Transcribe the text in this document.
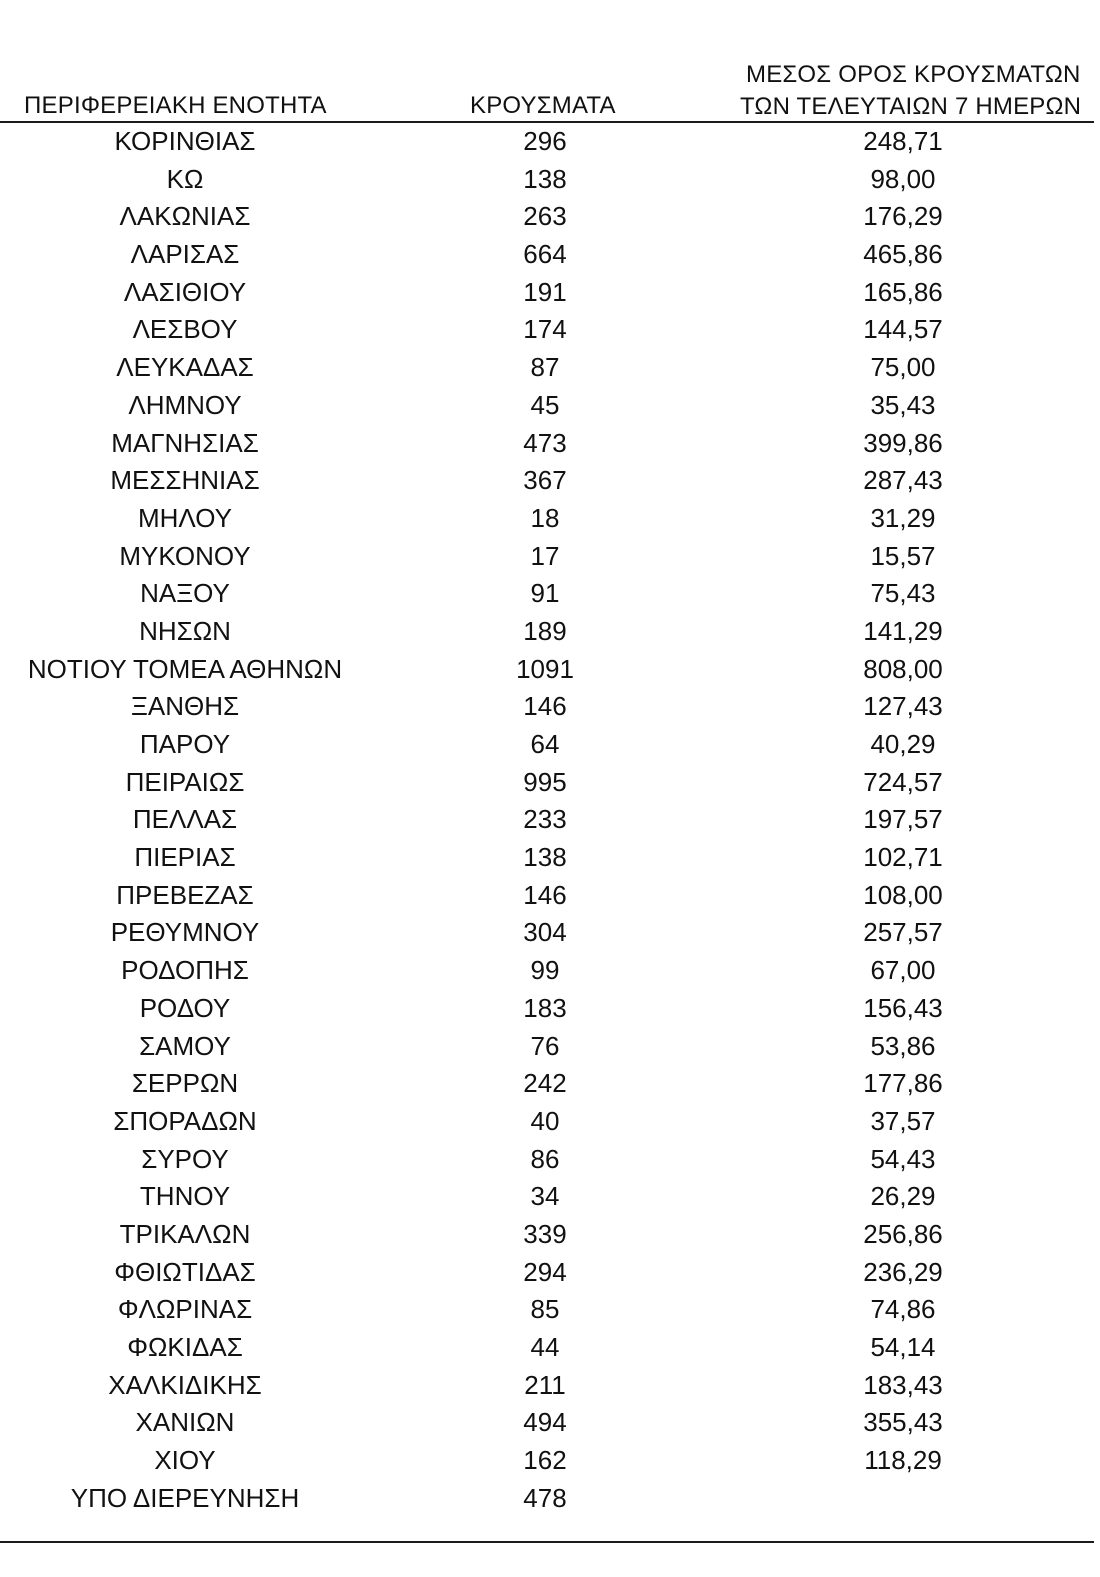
ΠΕΡΙΦΕΡΕΙΑΚΗ ΕΝΟΤΗΤΑ	ΚΡΟΥΣΜΑΤΑ
ΜΕΣΟΣ ΟΡΟΣ ΚΡΟΥΣΜΑΤΩΝ
ΤΩΝ ΤΕΛΕΥΤΑΙΩΝ 7 ΗΜΕΡΩΝ
ΚΟΡΙΝΘΙΑΣ	296	248,71
ΚΩ	138	98,00
ΛΑΚΩΝΙΑΣ	263	176,29
ΛΑΡΙΣΑΣ	664	465,86
ΛΑΣΙΘΙΟΥ	191	165,86
ΛΕΣΒΟΥ	174	144,57
ΛΕΥΚΑΔΑΣ	87	75,00
ΛΗΜΝΟΥ	45	35,43
ΜΑΓΝΗΣΙΑΣ	473	399,86
ΜΕΣΣΗΝΙΑΣ	367	287,43
ΜΗΛΟΥ	18	31,29
ΜΥΚΟΝΟΥ	17	15,57
ΝΑΞΟΥ	91	75,43
ΝΗΣΩΝ	189	141,29
ΝΟΤΙΟΥ ΤΟΜΕΑ ΑΘΗΝΩΝ	1091	808,00
ΞΑΝΘΗΣ	146	127,43
ΠΑΡΟΥ	64	40,29
ΠΕΙΡΑΙΩΣ	995	724,57
ΠΕΛΛΑΣ	233	197,57
ΠΙΕΡΙΑΣ	138	102,71
ΠΡΕΒΕΖΑΣ	146	108,00
ΡΕΘΥΜΝΟΥ	304	257,57
ΡΟΔΟΠΗΣ	99	67,00
ΡΟΔΟΥ	183	156,43
ΣΑΜΟΥ	76	53,86
ΣΕΡΡΩΝ	242	177,86
ΣΠΟΡΑΔΩΝ	40	37,57
ΣΥΡΟΥ	86	54,43
ΤΗΝΟΥ	34	26,29
ΤΡΙΚΑΛΩΝ	339	256,86
ΦΘΙΩΤΙΔΑΣ	294	236,29
ΦΛΩΡΙΝΑΣ	85	74,86
ΦΩΚΙΔΑΣ	44	54,14
ΧΑΛΚΙΔΙΚΗΣ	211	183,43
ΧΑΝΙΩΝ	494	355,43
ΧΙΟΥ	162	118,29
ΥΠΟ ΔΙΕΡΕΥΝΗΣΗ	478
